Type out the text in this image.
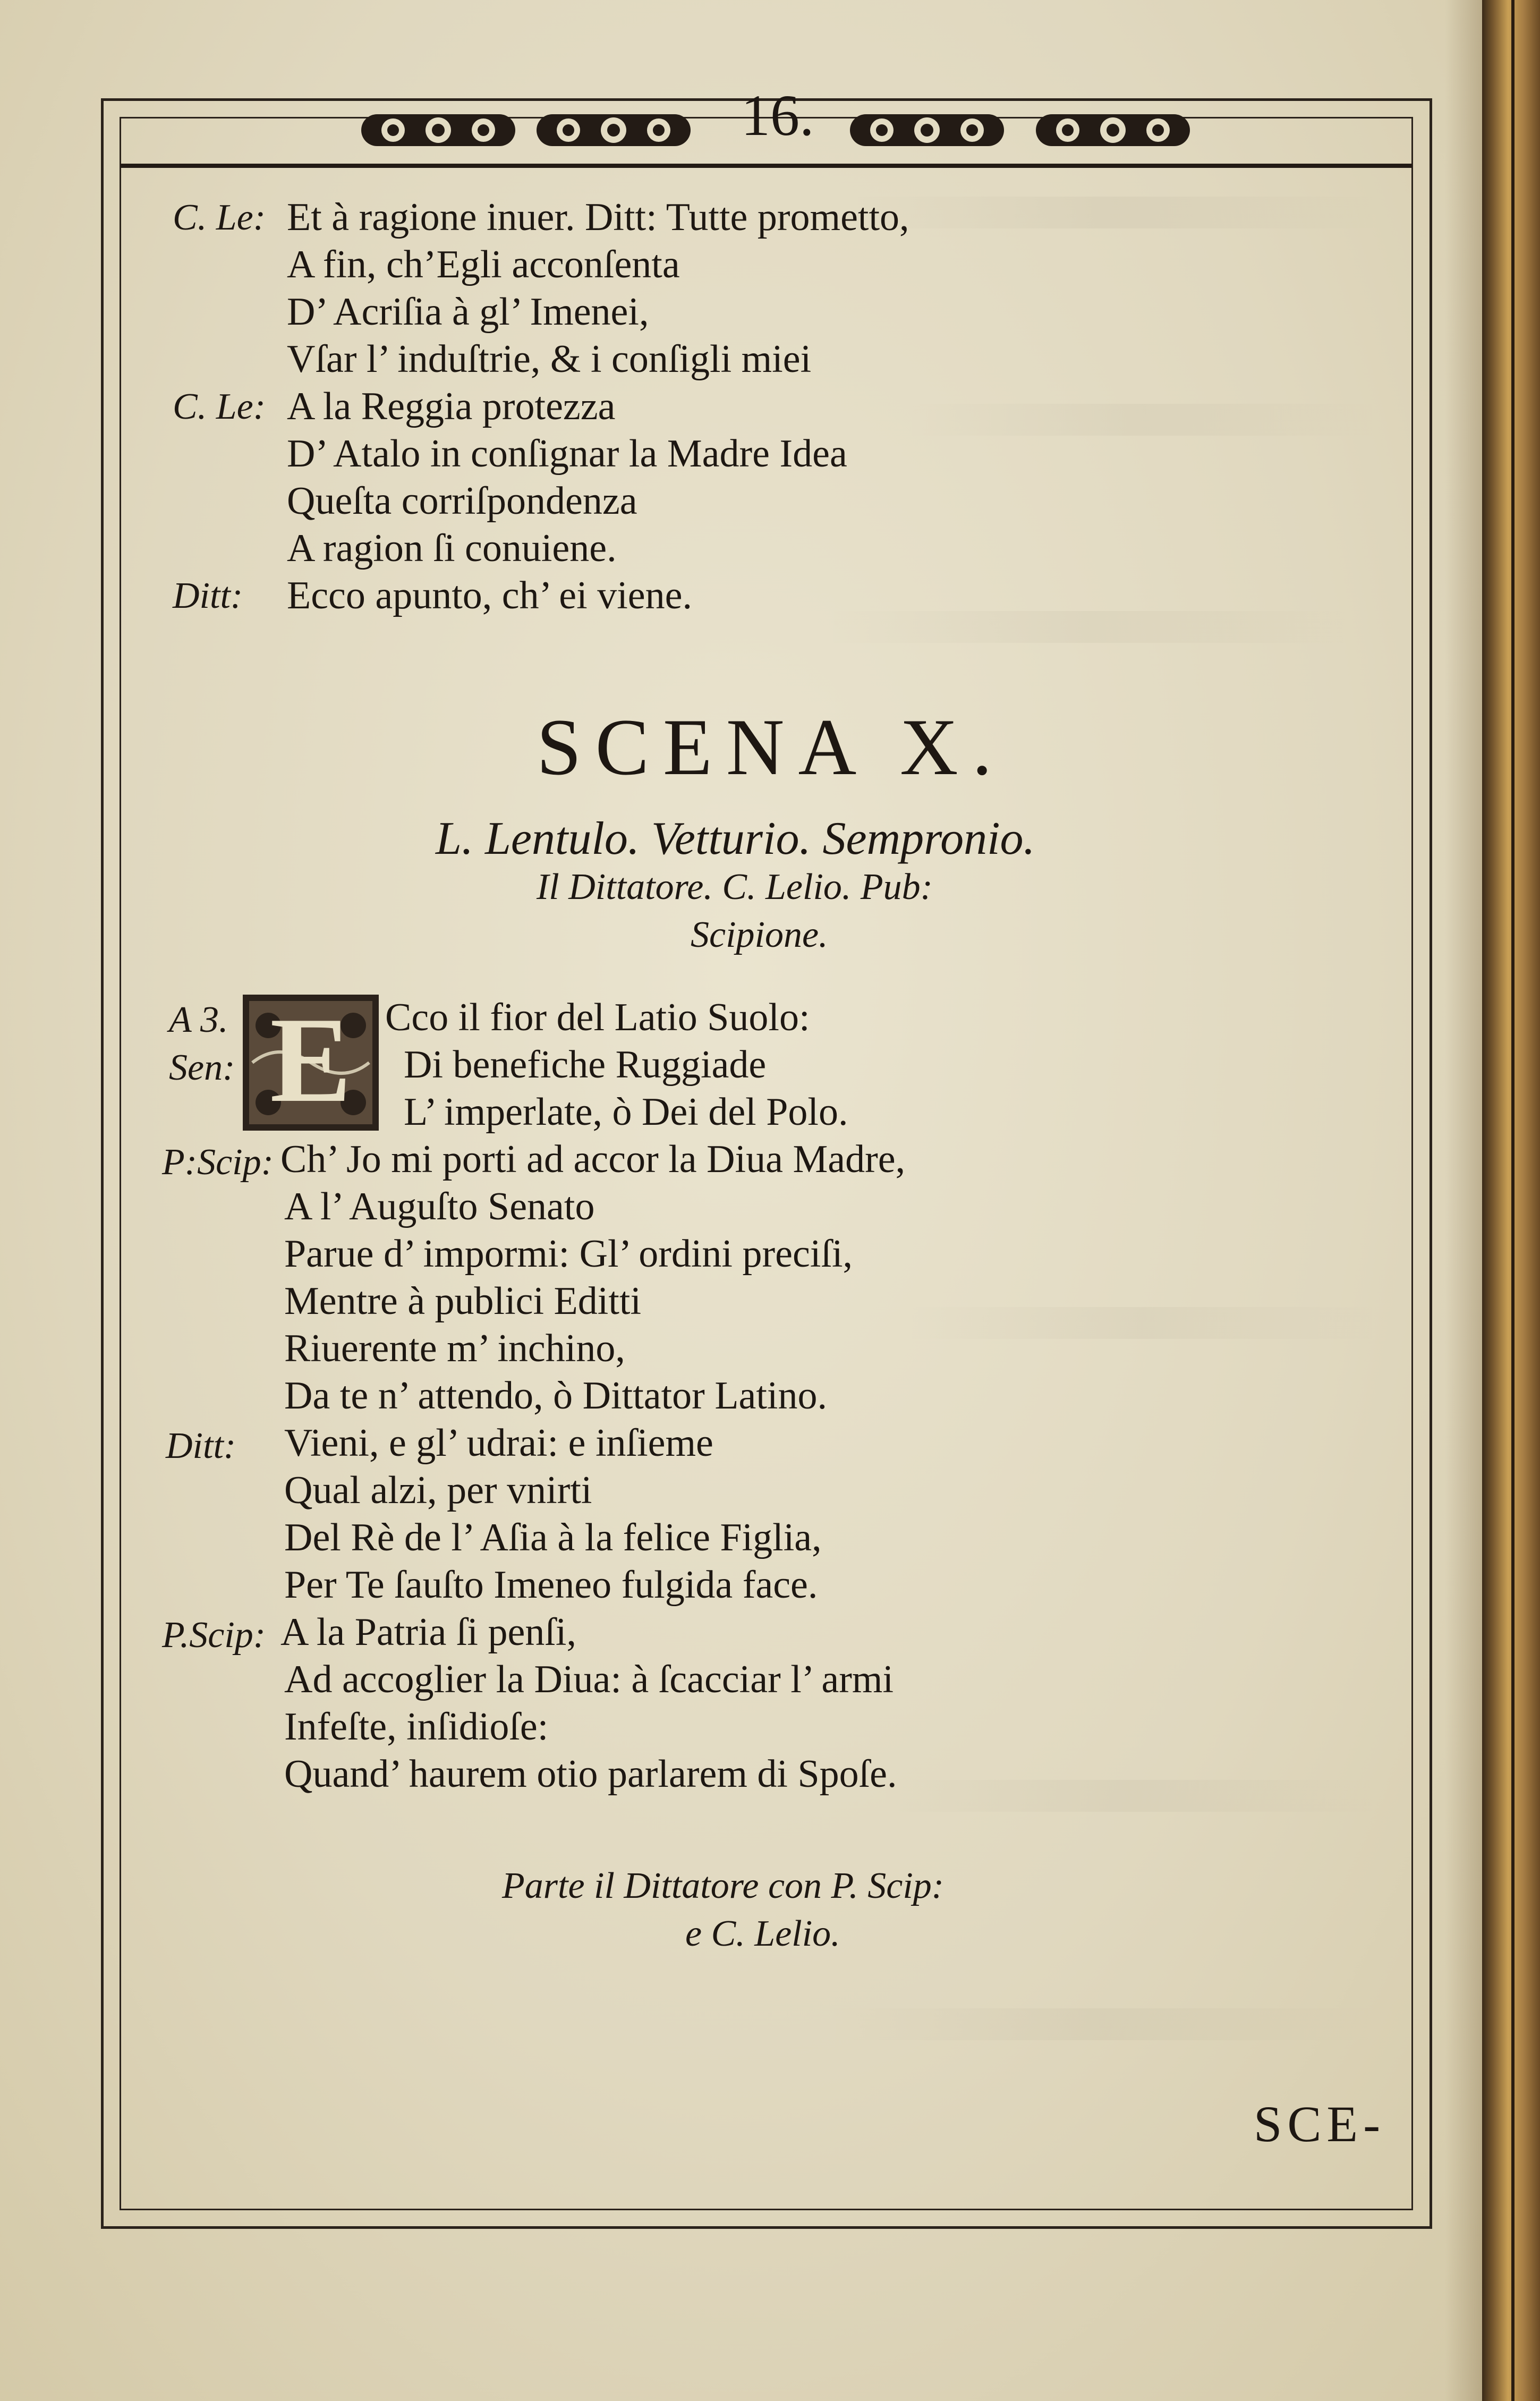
16.
C. Le: Et à ragione inuer. Ditt: Tutte prometto,
A fin, ch’Egli acconſenta
D’ Acriſia à gl’ Imenei,
Vſar l’ induſtrie, & i conſigli miei
C. Le: A la Reggia protezza
D’ Atalo in conſignar la Madre Idea
Queſta corriſpondenza
A ragion ſi conuiene.
Ditt: Ecco apunto, ch’ ei viene.
SCENA X.
L. Lentulo. Vetturio. Sempronio.
Il Dittatore. C. Lelio. Pub:
Scipione.
E
A 3.	Cco il fior del Latio Suolo:
Sen:	Di benefiche Ruggiade
L’ imperlate, ò Dei del Polo.
P:Scip: Ch’ Jo mi porti ad accor la Diua Madre,
A l’ Auguſto Senato
Parue d’ impormi: Gl’ ordini preciſi,
Mentre à publici Editti
Riuerente m’ inchino,
Da te n’ attendo, ò Dittator Latino.
Ditt: Vieni, e gl’ udrai: e inſieme
Qual alzi, per vnirti
Del Rè de l’ Aſia à la felice Figlia,
Per Te ſauſto Imeneo fulgida face.
P.Scip: A la Patria ſi penſi,
Ad accoglier la Diua: à ſcacciar l’ armi
Infeſte, inſidioſe:
Quand’ haurem otio parlarem di Spoſe.
Parte il Dittatore con P. Scip:
e C. Lelio.
SCE-
